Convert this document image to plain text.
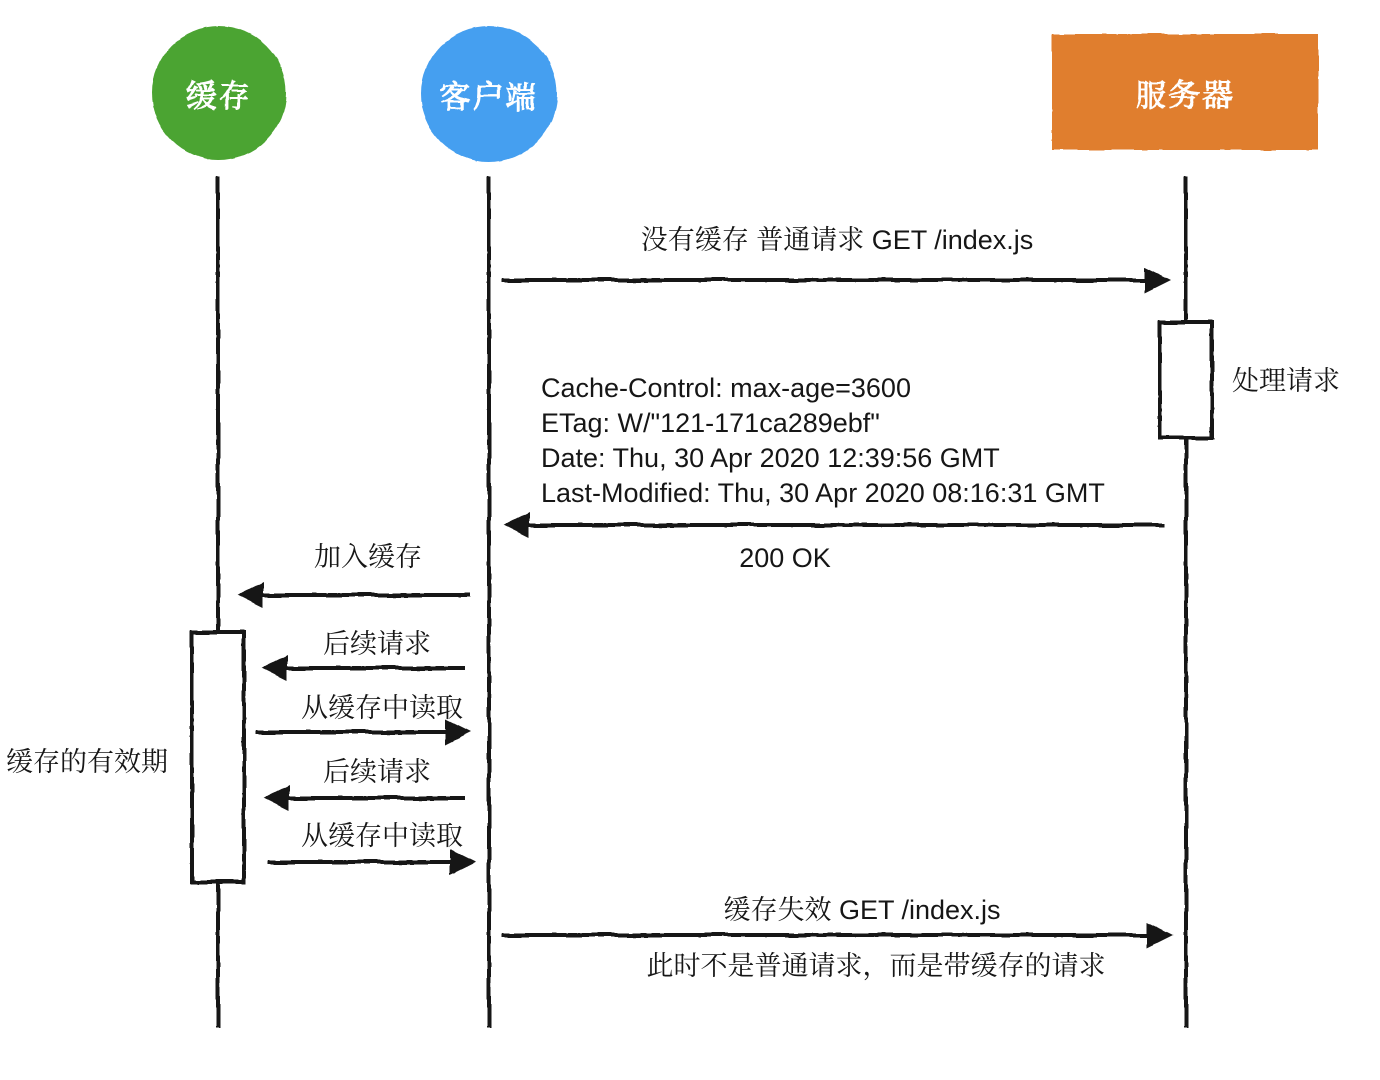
缓存	客户端	服务器
没有缓存 普通请求 GET /index.js
处理请求
Cache-Control: max-age=3600
ETag: W/"121-171ca289ebf"
Date: Thu, 30 Apr 2020 12:39:56 GMT
Last-Modified: Thu, 30 Apr 2020 08:16:31 GMT
200 OK
加入缓存
后续请求
从缓存中读取
后续请求
从缓存中读取
缓存的有效期
缓存失效 GET /index.js
此时不是普通请求，而是带缓存的请求
